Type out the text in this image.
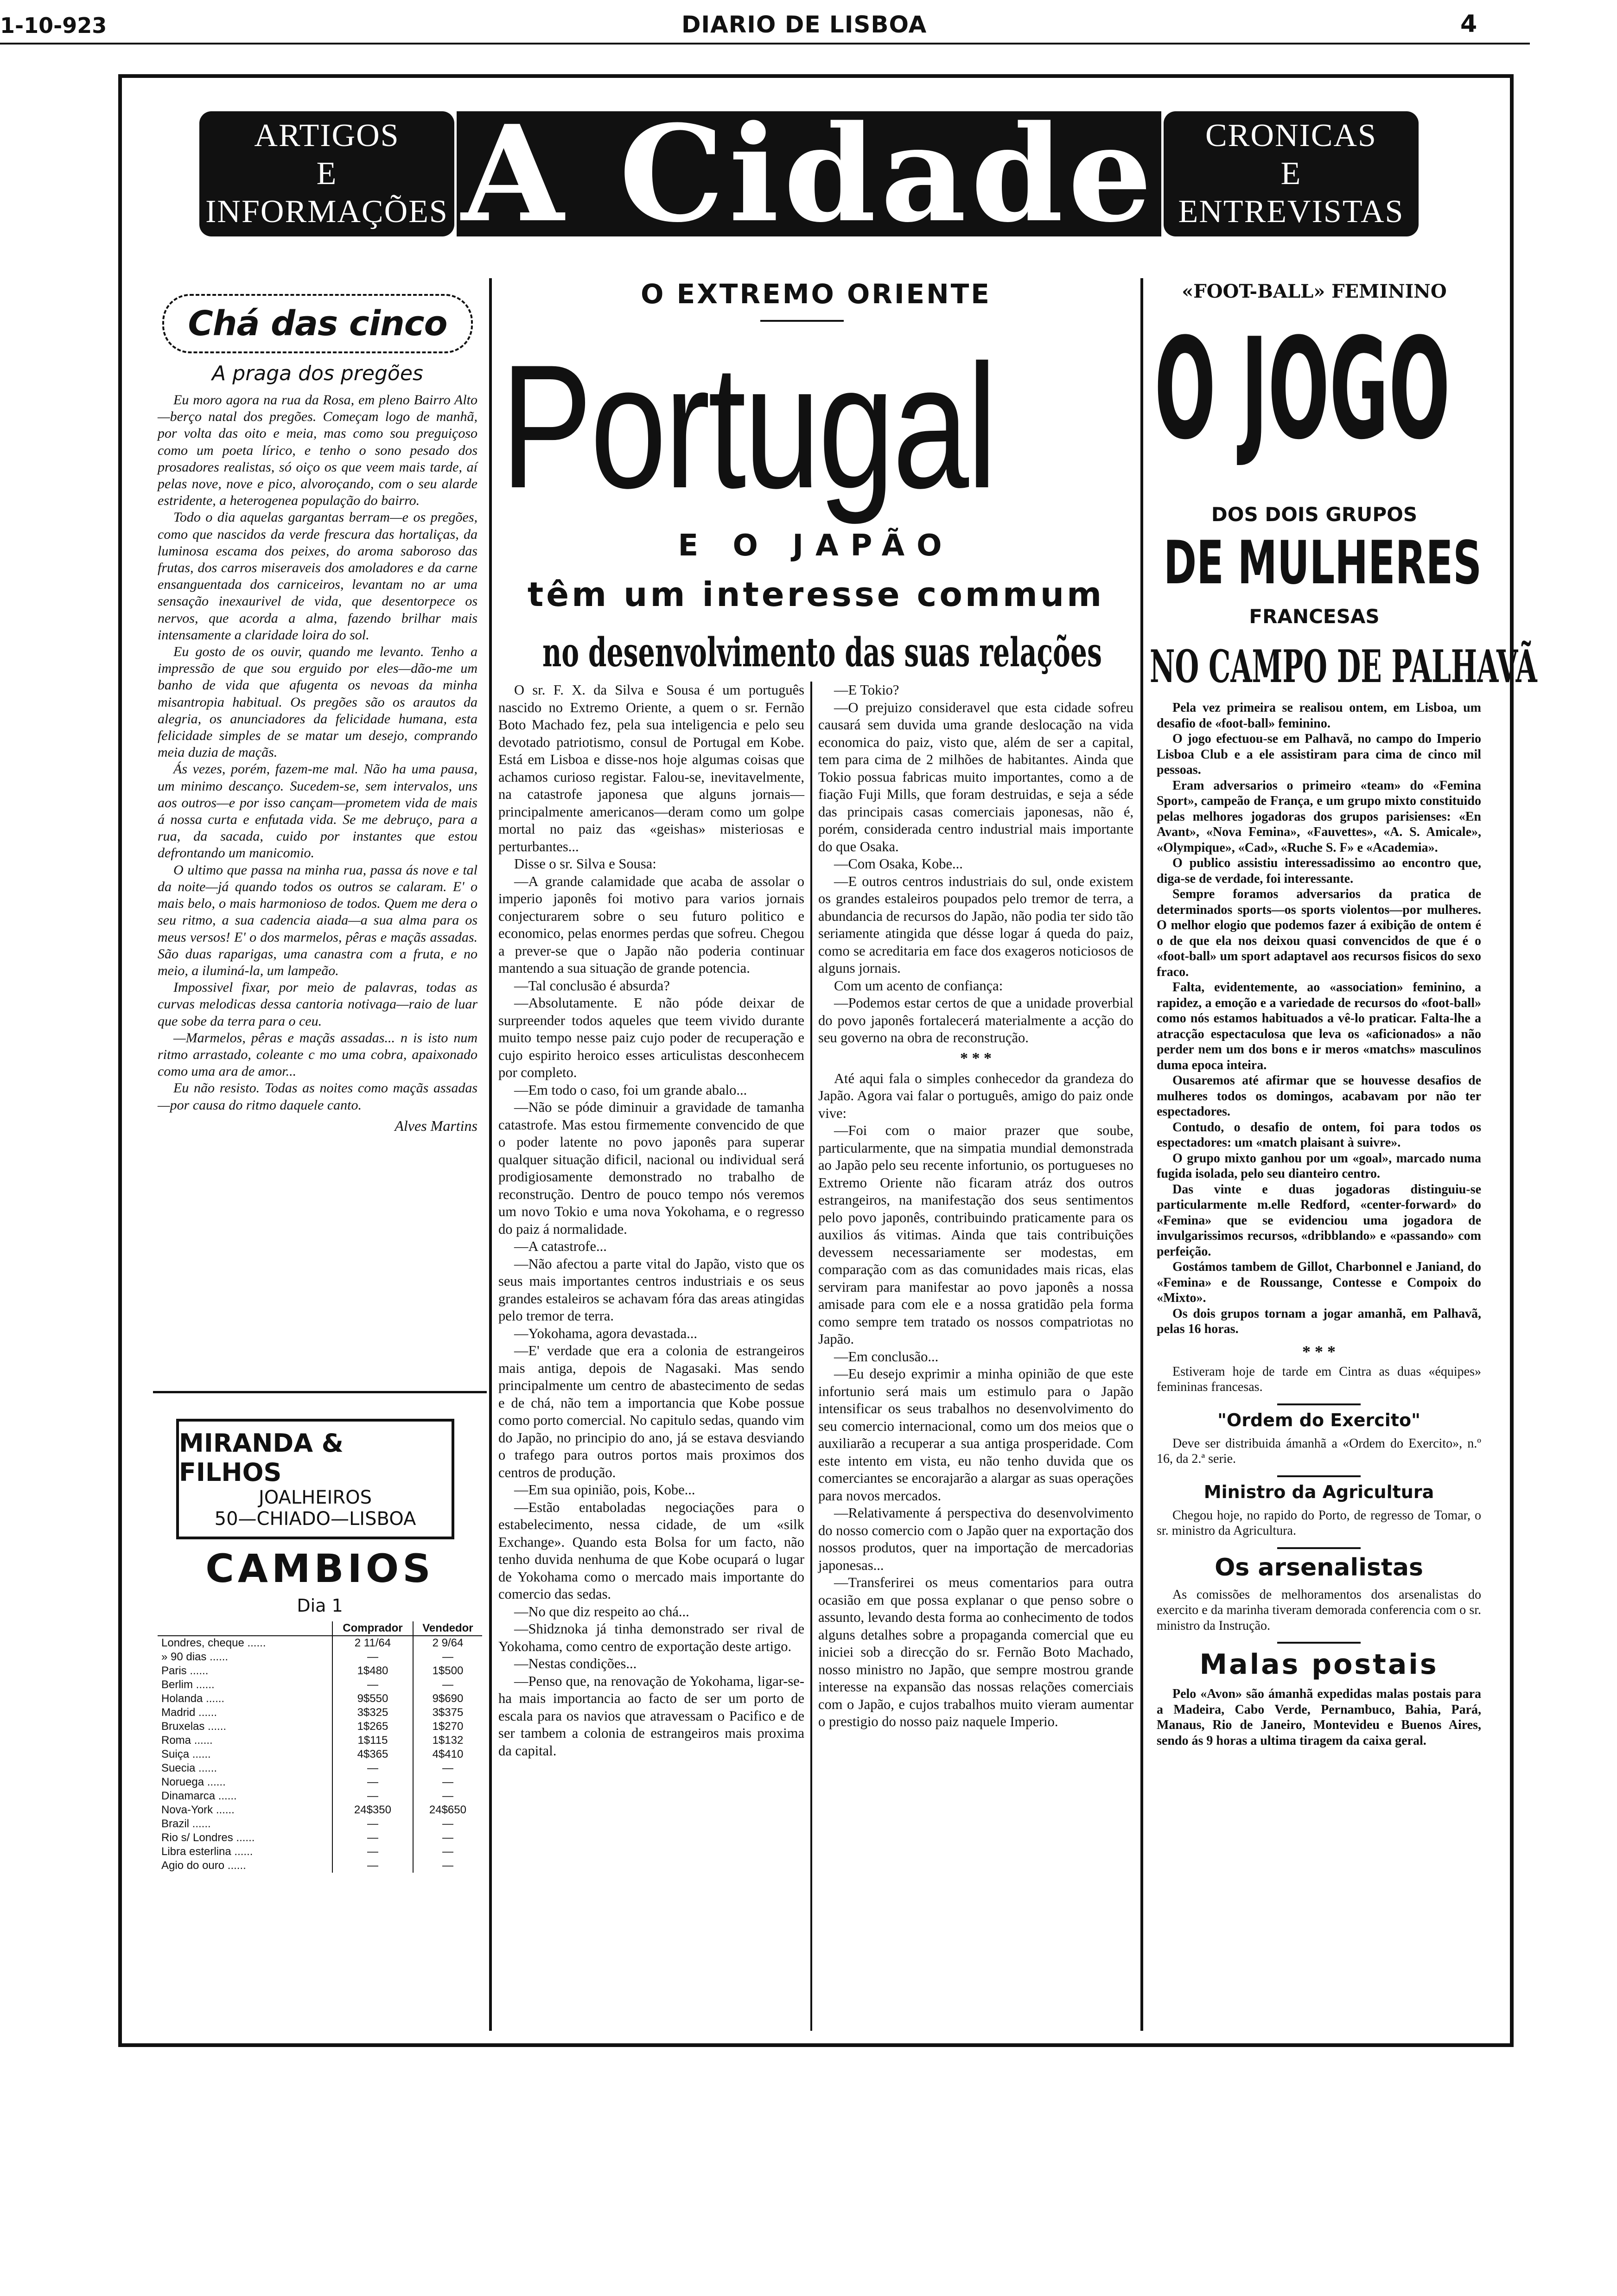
1-10-923	DIARIO DE LISBOA	4
ARTIGOS
E
INFORMAÇÕES A Cidade CRONICAS
E
ENTREVISTAS
Chá das cinco
A praga dos pregões

Eu moro agora na rua da Rosa, em pleno Bairro Alto—berço natal dos pregões. Começam logo de manhã, por volta das oito e meia, mas como sou preguiçoso como um poeta lírico, e tenho o sono pesado dos prosadores realistas, só oiço os que veem mais tarde, aí pelas nove, nove e pico, alvoroçando, com o seu alarde estridente, a heterogenea população do bairro.

Todo o dia aquelas gargantas berram—e os pregões, como que nascidos da verde frescura das hortaliças, da luminosa escama dos peixes, do aroma saboroso das frutas, dos carros miseraveis dos amoladores e da carne ensanguentada dos carniceiros, levantam no ar uma sensação inexaurivel de vida, que desentorpece os nervos, que acorda a alma, fazendo brilhar mais intensamente a claridade loira do sol.

Eu gosto de os ouvir, quando me levanto. Tenho a impressão de que sou erguido por eles—dão-me um banho de vida que afugenta os nevoas da minha misantropia habitual. Os pregões são os arautos da alegria, os anunciadores da felicidade humana, esta felicidade simples de se matar um desejo, comprando meia duzia de maçãs.

Ás vezes, porém, fazem-me mal. Não ha uma pausa, um minimo descanço. Sucedem-se, sem intervalos, uns aos outros—e por isso cançam—prometem vida de mais á nossa curta e enfutada vida. Se me debruço, para a rua, da sacada, cuido por instantes que estou defrontando um manicomio.

O ultimo que passa na minha rua, passa ás nove e tal da noite—já quando todos os outros se calaram. E' o mais belo, o mais harmonioso de todos. Quem me dera o seu ritmo, a sua cadencia aiada—a sua alma para os meus versos! E' o dos marmelos, pêras e maçãs assadas. São duas raparigas, uma canastra com a fruta, e no meio, a iluminá-la, um lampeão.

Impossivel fixar, por meio de palavras, todas as curvas melodicas dessa cantoria notivaga—raio de luar que sobe da terra para o ceu.

—Marmelos, pêras e maçãs assadas... n is isto num ritmo arrastado, coleante c mo uma cobra, apaixonado como uma ara de amor...

Eu não resisto. Todas as noites como maçãs assadas—por causa do ritmo daquele canto.

Alves Martins
MIRANDA & FILHOS
JOALHEIROS
50—CHIADO—LISBOA
CAMBIOS
Dia 1
	Comprador	Vendedor
Londres, cheque ......	2 11/64	2 9/64
» 90 dias ......	—	—
Paris ......	1$480	1$500
Berlim ......	—	—
Holanda ......	9$550	9$690
Madrid ......	3$325	3$375
Bruxelas ......	1$265	1$270
Roma ......	1$115	1$132
Suiça ......	4$365	4$410
Suecia ......	—	—
Noruega ......	—	—
Dinamarca ......	—	—
Nova-York ......	24$350	24$650
Brazil ......	—	—
Rio s/ Londres ......	—	—
Libra esterlina ......	—	—
Agio do ouro ......	—	—
O EXTREMO ORIENTE
Portugal
E O JAPÃO
têm um interesse commum
no desenvolvimento das suas relações

O sr. F. X. da Silva e Sousa é um português nascido no Extremo Oriente, a quem o sr. Fernão Boto Machado fez, pela sua inteligencia e pelo seu devotado patriotismo, consul de Portugal em Kobe. Está em Lisboa e disse-nos hoje algumas coisas que achamos curioso registar. Falou-se, inevitavelmente, na catastrofe japonesa que alguns jornais—principalmente americanos—deram como um golpe mortal no paiz das «geishas» misteriosas e perturbantes...

Disse o sr. Silva e Sousa:

—A grande calamidade que acaba de assolar o imperio japonês foi motivo para varios jornais conjecturarem sobre o seu futuro politico e economico, pelas enormes perdas que sofreu. Chegou a prever-se que o Japão não poderia continuar mantendo a sua situação de grande potencia.

—Tal conclusão é absurda?

—Absolutamente. E não póde deixar de surpreender todos aqueles que teem vivido durante muito tempo nesse paiz cujo poder de recuperação e cujo espirito heroico esses articulistas desconhecem por completo.

—Em todo o caso, foi um grande abalo...

—Não se póde diminuir a gravidade de tamanha catastrofe. Mas estou firmemente convencido de que o poder latente no povo japonês para superar qualquer situação dificil, nacional ou individual será prodigiosamente demonstrado no trabalho de reconstrução. Dentro de pouco tempo nós veremos um novo Tokio e uma nova Yokohama, e o regresso do paiz á normalidade.

—A catastrofe...

—Não afectou a parte vital do Japão, visto que os seus mais importantes centros industriais e os seus grandes estaleiros se achavam fóra das areas atingidas pelo tremor de terra.

—Yokohama, agora devastada...

—E' verdade que era a colonia de estrangeiros mais antiga, depois de Nagasaki. Mas sendo principalmente um centro de abastecimento de sedas e de chá, não tem a importancia que Kobe possue como porto comercial. No capitulo sedas, quando vim do Japão, no principio do ano, já se estava desviando o trafego para outros portos mais proximos dos centros de produção.

—Em sua opinião, pois, Kobe...

—Estão entaboladas negociações para o estabelecimento, nessa cidade, de um «silk Exchange». Quando esta Bolsa for um facto, não tenho duvida nenhuma de que Kobe ocupará o lugar de Yokohama como o mercado mais importante do comercio das sedas.

—No que diz respeito ao chá...

—Shidznoka já tinha demonstrado ser rival de Yokohama, como centro de exportação deste artigo.

—Nestas condições...

—Penso que, na renovação de Yokohama, ligar-se-ha mais importancia ao facto de ser um porto de escala para os navios que atravessam o Pacifico e de ser tambem a colonia de estrangeiros mais proxima da capital.

—E Tokio?

—O prejuizo consideravel que esta cidade sofreu causará sem duvida uma grande deslocação na vida economica do paiz, visto que, além de ser a capital, tem para cima de 2 milhões de habitantes. Ainda que Tokio possua fabricas muito importantes, como a de fiação Fuji Mills, que foram destruidas, e seja a séde das principais casas comerciais japonesas, não é, porém, considerada centro industrial mais importante do que Osaka.

—Com Osaka, Kobe...

—E outros centros industriais do sul, onde existem os grandes estaleiros poupados pelo tremor de terra, a abundancia de recursos do Japão, não podia ter sido tão seriamente atingida que désse logar á queda do paiz, como se acreditaria em face dos exageros noticiosos de alguns jornais.

Com um acento de confiança:

—Podemos estar certos de que a unidade proverbial do povo japonês fortalecerá materialmente a acção do seu governo na obra de reconstrução.

* * *

Até aqui fala o simples conhecedor da grandeza do Japão. Agora vai falar o português, amigo do paiz onde vive:

—Foi com o maior prazer que soube, particularmente, que na simpatia mundial demonstrada ao Japão pelo seu recente infortunio, os portugueses no Extremo Oriente não ficaram atráz dos outros estrangeiros, na manifestação dos seus sentimentos pelo povo japonês, contribuindo praticamente para os auxilios ás vitimas. Ainda que tais contribuições devessem necessariamente ser modestas, em comparação com as das comunidades mais ricas, elas serviram para manifestar ao povo japonês a nossa amisade para com ele e a nossa gratidão pela forma como sempre tem tratado os nossos compatriotas no Japão.

—Em conclusão...

—Eu desejo exprimir a minha opinião de que este infortunio será mais um estimulo para o Japão intensificar os seus trabalhos no desenvolvimento do seu comercio internacional, como um dos meios que o auxiliarão a recuperar a sua antiga prosperidade. Com este intento em vista, eu não tenho duvida que os comerciantes se encorajarão a alargar as suas operações para novos mercados.

—Relativamente á perspectiva do desenvolvimento do nosso comercio com o Japão quer na exportação dos nossos produtos, quer na importação de mercadorias japonesas...

—Transferirei os meus comentarios para outra ocasião em que possa explanar o que penso sobre o assunto, levando desta forma ao conhecimento de todos alguns detalhes sobre a propaganda comercial que eu iniciei sob a direcção do sr. Fernão Boto Machado, nosso ministro no Japão, que sempre mostrou grande interesse na expansão das nossas relações comerciais com o Japão, e cujos trabalhos muito vieram aumentar o prestigio do nosso paiz naquele Imperio.

«FOOT-BALL» FEMININO
O JOGO
DOS DOIS GRUPOS
DE MULHERES
FRANCESAS
NO CAMPO DE PALHAVÃ

Pela vez primeira se realisou ontem, em Lisboa, um desafio de «foot-ball» feminino.

O jogo efectuou-se em Palhavã, no campo do Imperio Lisboa Club e a ele assistiram para cima de cinco mil pessoas.

Eram adversarios o primeiro «team» do «Femina Sport», campeão de França, e um grupo mixto constituido pelas melhores jogadoras dos grupos parisienses: «En Avant», «Nova Femina», «Fauvettes», «A. S. Amicale», «Olympique», «Cad», «Ruche S. F» e «Academia».

O publico assistiu interessadissimo ao encontro que, diga-se de verdade, foi interessante.

Sempre foramos adversarios da pratica de determinados sports—os sports violentos—por mulheres. O melhor elogio que podemos fazer á exibição de ontem é o de que ela nos deixou quasi convencidos de que é o «foot-ball» um sport adaptavel aos recursos fisicos do sexo fraco.

Falta, evidentemente, ao «association» feminino, a rapidez, a emoção e a variedade de recursos do «foot-ball» como nós estamos habituados a vê-lo praticar. Falta-lhe a atracção espectaculosa que leva os «aficionados» a não perder nem um dos bons e ir meros «matchs» masculinos duma epoca inteira.

Ousaremos até afirmar que se houvesse desafios de mulheres todos os domingos, acabavam por não ter espectadores.

Contudo, o desafio de ontem, foi para todos os espectadores: um «match plaisant à suivre».

O grupo mixto ganhou por um «goal», marcado numa fugida isolada, pelo seu dianteiro centro.

Das vinte e duas jogadoras distinguiu-se particularmente m.elle Redford, «center-forward» do «Femina» que se evidenciou uma jogadora de invulgarissimos recursos, «dribblando» e «passando» com perfeição.

Gostámos tambem de Gillot, Charbonnel e Janiand, do «Femina» e de Roussange, Contesse e Compoix do «Mixto».

Os dois grupos tornam a jogar amanhã, em Palhavã, pelas 16 horas.

* * *

Estiveram hoje de tarde em Cintra as duas «équipes» femininas francesas.

"Ordem do Exercito"

Deve ser distribuida ámanhã a «Ordem do Exercito», n.º 16, da 2.ª serie.

Ministro da Agricultura

Chegou hoje, no rapido do Porto, de regresso de Tomar, o sr. ministro da Agricultura.

Os arsenalistas

As comissões de melhoramentos dos arsenalistas do exercito e da marinha tiveram demorada conferencia com o sr. ministro da Instrução.

Malas postais

Pelo «Avon» são ámanhã expedidas malas postais para a Madeira, Cabo Verde, Pernambuco, Bahia, Pará, Manaus, Rio de Janeiro, Montevideu e Buenos Aires, sendo ás 9 horas a ultima tiragem da caixa geral.
